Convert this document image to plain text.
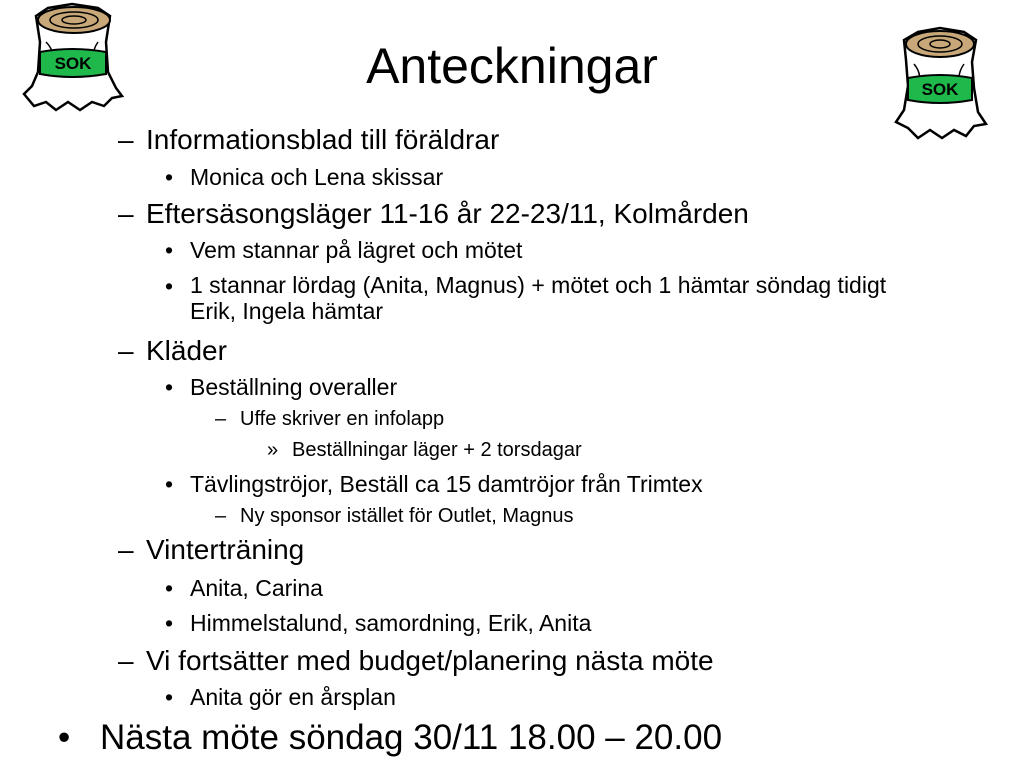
SOK
SOK
Anteckningar
– Informationsblad till föräldrar
• Monica och Lena skissar
– Eftersäsongsläger 11-16 år 22-23/11, Kolmården
• Vem stannar på lägret och mötet
• 1 stannar lördag (Anita, Magnus) + mötet och 1 hämtar söndag tidigt Erik, Ingela hämtar
– Kläder
• Beställning overaller
– Uffe skriver en infolapp
» Beställningar läger + 2 torsdagar
• Tävlingströjor, Beställ ca 15 damtröjor från Trimtex
– Ny sponsor istället för Outlet, Magnus
– Vinterträning
• Anita, Carina
• Himmelstalund, samordning, Erik, Anita
– Vi fortsätter med budget/planering nästa möte
• Anita gör en årsplan
• Nästa möte söndag 30/11 18.00 – 20.00
